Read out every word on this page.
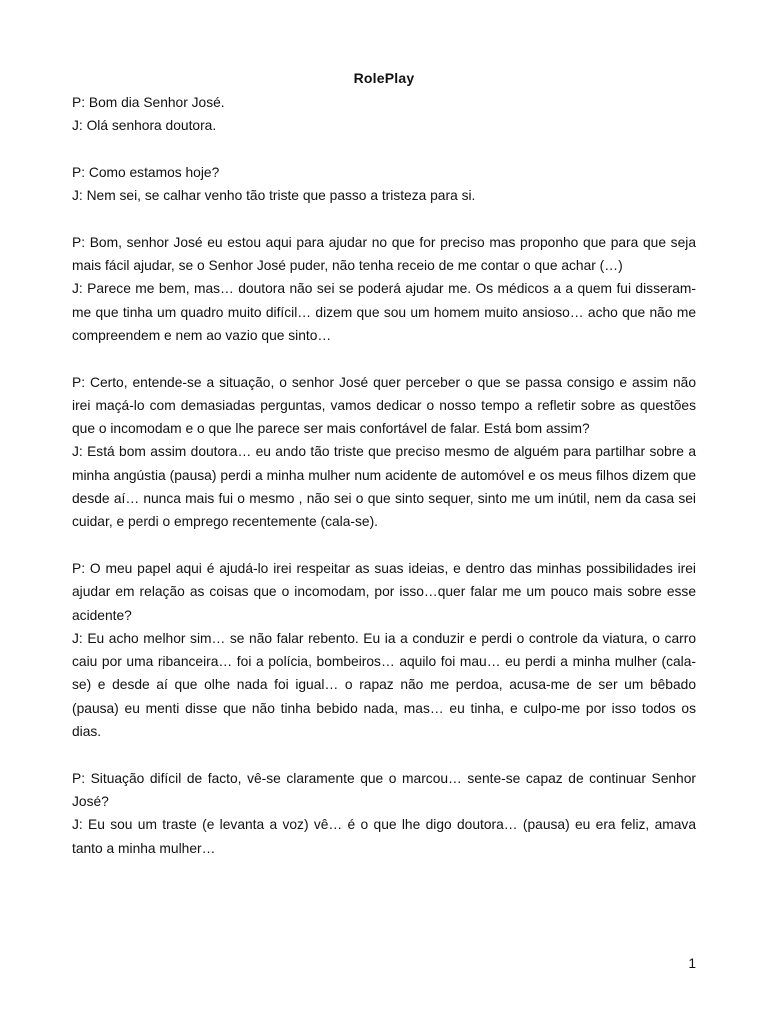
RolePlay

P: Bom dia Senhor José.

J: Olá senhora doutora.

P: Como estamos hoje?

J: Nem sei, se calhar venho tão triste que passo a tristeza para si.

P: Bom, senhor José eu estou aqui para ajudar no que for preciso mas proponho que para que seja mais fácil ajudar, se o Senhor José puder, não tenha receio de me contar o que achar (…)

J: Parece me bem, mas… doutora não sei se poderá ajudar me. Os médicos a a quem fui disseram-me que tinha um quadro muito difícil… dizem que sou um homem muito ansioso… acho que não me compreendem e nem ao vazio que sinto…

P: Certo, entende-se a situação, o senhor José quer perceber o que se passa consigo e assim não irei maçá-lo com demasiadas perguntas, vamos dedicar o nosso tempo a refletir sobre as questões que o incomodam e o que lhe parece ser mais confortável de falar. Está bom assim?

J: Está bom assim doutora… eu ando tão triste que preciso mesmo de alguém para partilhar sobre a minha angústia (pausa) perdi a minha mulher num acidente de automóvel e os meus filhos dizem que desde aí… nunca mais fui o mesmo , não sei o que sinto sequer, sinto me um inútil, nem da casa sei cuidar, e perdi o emprego recentemente (cala-se).

P: O meu papel aqui é ajudá-lo irei respeitar as suas ideias, e dentro das minhas possibilidades irei ajudar em relação as coisas que o incomodam, por isso…quer falar me um pouco mais sobre esse acidente?

J: Eu acho melhor sim… se não falar rebento. Eu ia a conduzir e perdi o controle da viatura, o carro caiu por uma ribanceira… foi a polícia, bombeiros… aquilo foi mau… eu perdi a minha mulher (cala-se) e desde aí que olhe nada foi igual… o rapaz não me perdoa, acusa-me de ser um bêbado (pausa) eu menti disse que não tinha bebido nada, mas… eu tinha, e culpo-me por isso todos os dias.

P: Situação difícil de facto, vê-se claramente que o marcou… sente-se capaz de continuar Senhor José?

J: Eu sou um traste (e levanta a voz) vê… é o que lhe digo doutora… (pausa) eu era feliz, amava tanto a minha mulher…

1
